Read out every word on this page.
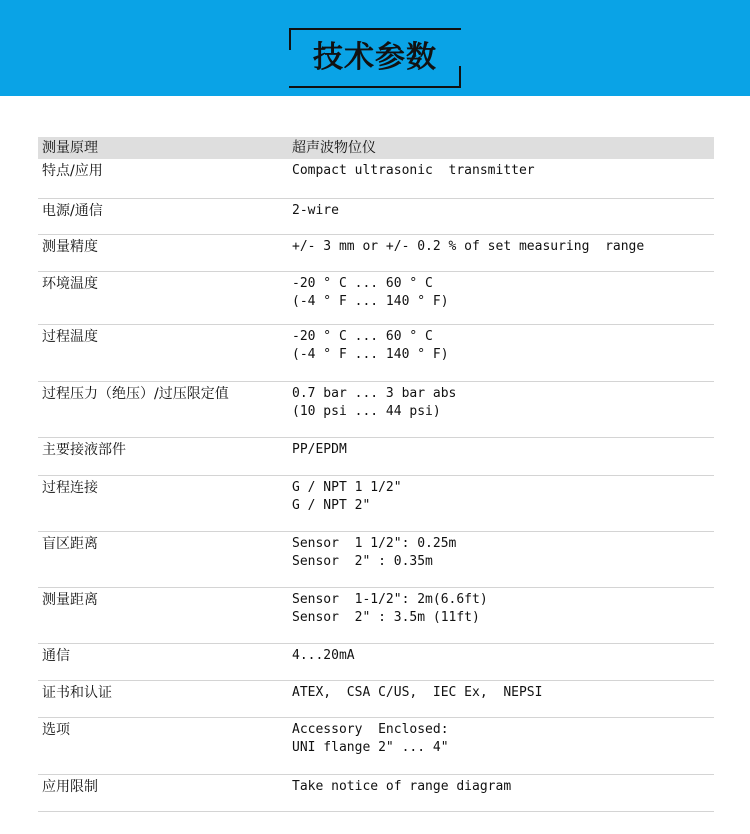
技术参数
测量原理	超声波物位仪
特点/应用	Compact ultrasonic  transmitter
电源/通信	2-wire
测量精度	+/- 3 mm or +/- 0.2 % of set measuring  range
环境温度	-20 ° C ... 60 ° C
(-4 ° F ... 140 ° F)
过程温度	-20 ° C ... 60 ° C
(-4 ° F ... 140 ° F)
过程压力（绝压）/过压限定值	0.7 bar ... 3 bar abs
(10 psi ... 44 psi)
主要接液部件	PP/EPDM
过程连接	G / NPT 1 1/2"
G / NPT 2"
盲区距离	Sensor  1 1/2": 0.25m
Sensor  2" : 0.35m
测量距离	Sensor  1-1/2": 2m(6.6ft)
Sensor  2" : 3.5m (11ft)
通信	4...20mA
证书和认证	ATEX,  CSA C/US,  IEC Ex,  NEPSI
选项	Accessory  Enclosed:
UNI flange 2" ... 4"
应用限制	Take notice of range diagram
